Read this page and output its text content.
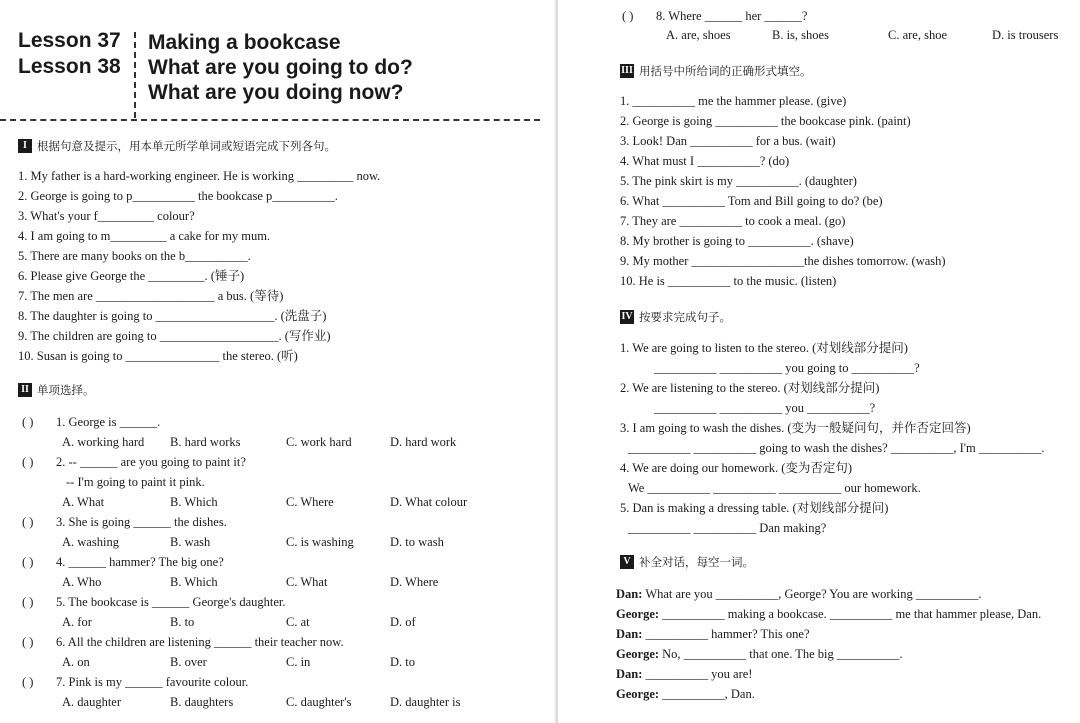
Lesson 37
Lesson 38
Making a bookcase
What are you going to do?
What are you doing now?
I 根据句意及提示，用本单元所学单词或短语完成下列各句。
1. My father is a hard-working engineer. He is working _________ now.
2. George is going to p__________ the bookcase p__________.
3. What's your f_________ colour?
4. I am going to m_________ a cake for my mum.
5. There are many books on the b__________.
6. Please give George the _________. (锤子)
7. The men are ___________________ a bus. (等待)
8. The daughter is going to ___________________. (洗盘子)
9. The children are going to ___________________. (写作业)
10. Susan is going to _______________ the stereo. (听)
II 单项选择。
( ) 1. George is ______.
A. working hard B. hard works	C. work hard	D. hard work
( ) 2. -- ______ are you going to paint it?
-- I'm going to paint it pink.
A. What	B. Which	C. Where	D. What colour
( ) 3. She is going ______ the dishes.
A. washing	B. wash	C. is washing	D. to wash
( ) 4. ______ hammer? The big one?
A. Who	B. Which	C. What	D. Where
( ) 5. The bookcase is ______ George's daughter.
A. for	B. to	C. at	D. of
( ) 6. All the children are listening ______ their teacher now.
A. on	B. over	C. in	D. to
( ) 7. Pink is my ______ favourite colour.
A. daughter	B. daughters	C. daughter's	D. daughter is
( ) 8. Where ______ her ______?
A. are, shoes	B. is, shoes	C. are, shoe	D. is trousers
III 用括号中所给词的正确形式填空。
1. __________ me the hammer please. (give)
2. George is going __________ the bookcase pink. (paint)
3. Look! Dan __________ for a bus. (wait)
4. What must I __________? (do)
5. The pink skirt is my __________. (daughter)
6. What __________ Tom and Bill going to do? (be)
7. They are __________ to cook a meal. (go)
8. My brother is going to __________. (shave)
9. My mother __________________the dishes tomorrow. (wash)
10. He is __________ to the music. (listen)
IV 按要求完成句子。
1. We are going to listen to the stereo. (对划线部分提问)
__________ __________ you going to __________?
2. We are listening to the stereo. (对划线部分提问)
__________ __________ you __________?
3. I am going to wash the dishes. (变为一般疑问句，并作否定回答)
__________ __________ going to wash the dishes? __________, I'm __________.
4. We are doing our homework. (变为否定句)
We __________ __________ __________ our homework.
5. Dan is making a dressing table. (对划线部分提问)
__________ __________ Dan making?
V 补全对话，每空一词。
Dan: What are you __________, George? You are working __________.
George: __________ making a bookcase. __________ me that hammer please, Dan.
Dan: __________ hammer? This one?
George: No, __________ that one. The big __________.
Dan: __________ you are!
George: __________, Dan.
